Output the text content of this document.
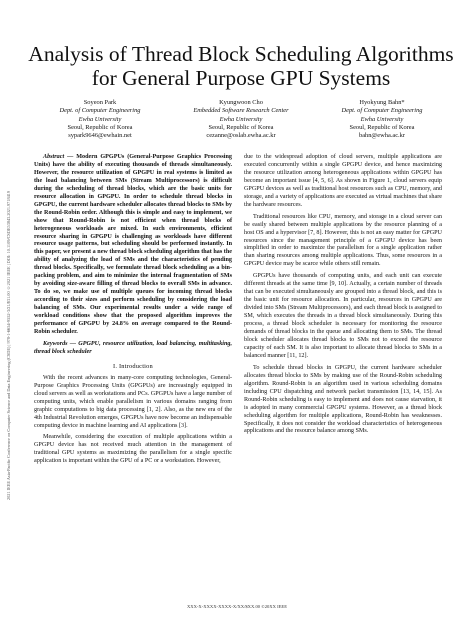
2021 IEEE Asia-Pacific Conference on Computer Science and Data Engineering (CSDE) | 978-1-6654-9552-3/21/$31.00 ©2021 IEEE | DOI: 10.1109/CSDE53843.2021.9718419
Analysis of Thread Block Scheduling Algorithms for General Purpose GPU Systems
Soyeon Park
Dept. of Computer Engineering
Ewha University
Seoul, Republic of Korea
sypark9646@ewhain.net
Kyungwoon Cho
Embedded Software Research Center
Ewha University
Seoul, Republic of Korea
cezanne@oslab.ewha.ac.kr
Hyokyung Bahn*
Dept. of Computer Engineering
Ewha University
Seoul, Republic of Korea
bahn@ewha.ac.kr

Abstract — Modern GPGPUs (General-Purpose Graphics Processing Units) have the ability of executing thousands of threads simultaneously. However, the resource utilization of GPGPU in real systems is limited as the load balancing between SMs (Stream Multiprocessors) is difficult during the scheduling of thread blocks, which are the basic units for resource allocation in GPGPU. In order to schedule thread blocks in GPGPU, the current hardware scheduler allocates thread blocks to SMs by the Round-Robin order. Although this is simple and easy to implement, we show that Round-Robin is not efficient when thread blocks of heterogeneous workloads are mixed. In such environments, efficient resource sharing in GPGPU is challenging as workloads have different resource usage patterns, but scheduling should be performed instantly. In this paper, we present a new thread block scheduling algorithm that has the ability of analyzing the load of SMs and the characteristics of pending thread blocks. Specifically, we formulate thread block scheduling as a bin-packing problem, and aim to minimize the internal fragmentation of SMs by avoiding size-aware filling of thread blocks to overall SMs in advance. To do so, we make use of multiple queues for incoming thread blocks according to their sizes and perform scheduling by considering the load balancing of SMs. Our experimental results under a wide range of workload conditions show that the proposed algorithm improves the performance of GPGPU by 24.8% on average compared to the Round-Robin scheduler.

Keywords — GPGPU, resource utilization, load balancing, multitasking, thread block scheduler

I. Introduction

With the recent advances in many-core computing technologies, General-Purpose Graphics Processing Units (GPGPUs) are increasingly equipped in cloud servers as well as workstations and PCs. GPGPUs have a large number of computing units, which enable parallelism in various domains ranging from graphic computations to big data processing [1, 2]. Also, as the new era of the 4th Industrial Revolution emerges, GPGPUs have now become an indispensable computing device in machine learning and AI applications [3].

Meanwhile, considering the execution of multiple applications within a GPGPU device has not received much attention in the management of traditional GPU systems as maximizing the parallelism for a single specific application is important within the GPU of a PC or a workstation. However,

due to the widespread adoption of cloud servers, multiple applications are executed concurrently within a single GPGPU device, and hence maximizing the resource utilization among heterogeneous applications within GPGPU has become an important issue [4, 5, 6]. As shown in Figure 1, cloud servers equip GPGPU devices as well as traditional host resources such as CPU, memory, and storage, and a variety of applications are executed as virtual machines that share the hardware resources.

Traditional resources like CPU, memory, and storage in a cloud server can be easily shared between multiple applications by the resource planning of a host OS and a hypervisor [7, 8]. However, this is not an easy matter for GPGPU resources since the management principle of a GPGPU device has been simplified in order to maximize the parallelism for a single application rather than sharing resources among multiple applications. Thus, some resources in a GPGPU device may be scarce while others still remain.

GPGPUs have thousands of computing units, and each unit can execute different threads at the same time [9, 10]. Actually, a certain number of threads that can be executed simultaneously are grouped into a thread block, and this is the basic unit for resource allocation. In particular, resources in GPGPU are divided into SMs (Stream Multiprocessors), and each thread block is assigned to SM, which executes the threads in a thread block simultaneously. During this process, a thread block scheduler is necessary for monitoring the resource demands of thread blocks in the queue and allocating them to SMs. The thread block scheduler allocates thread blocks to SMs not to exceed the resource capacity of each SM. It is also important to allocate thread blocks to SMs in a balanced manner [11, 12].

To schedule thread blocks in GPGPU, the current hardware scheduler allocates thread blocks to SMs by making use of the Round-Robin scheduling algorithm. Round-Robin is an algorithm used in various scheduling domains including CPU dispatching and network packet transmission [13, 14, 15]. As Round-Robin scheduling is easy to implement and does not cause starvation, it is adopted in many commercial GPGPU systems. However, as a thread block scheduling algorithm for multiple applications, Round-Robin has weaknesses. Specifically, it does not consider the workload characteristics of heterogeneous applications and the resource balance among SMs.

XXX-X-XXXX-XXXX-X/XX/$XX.00 ©20XX IEEE
